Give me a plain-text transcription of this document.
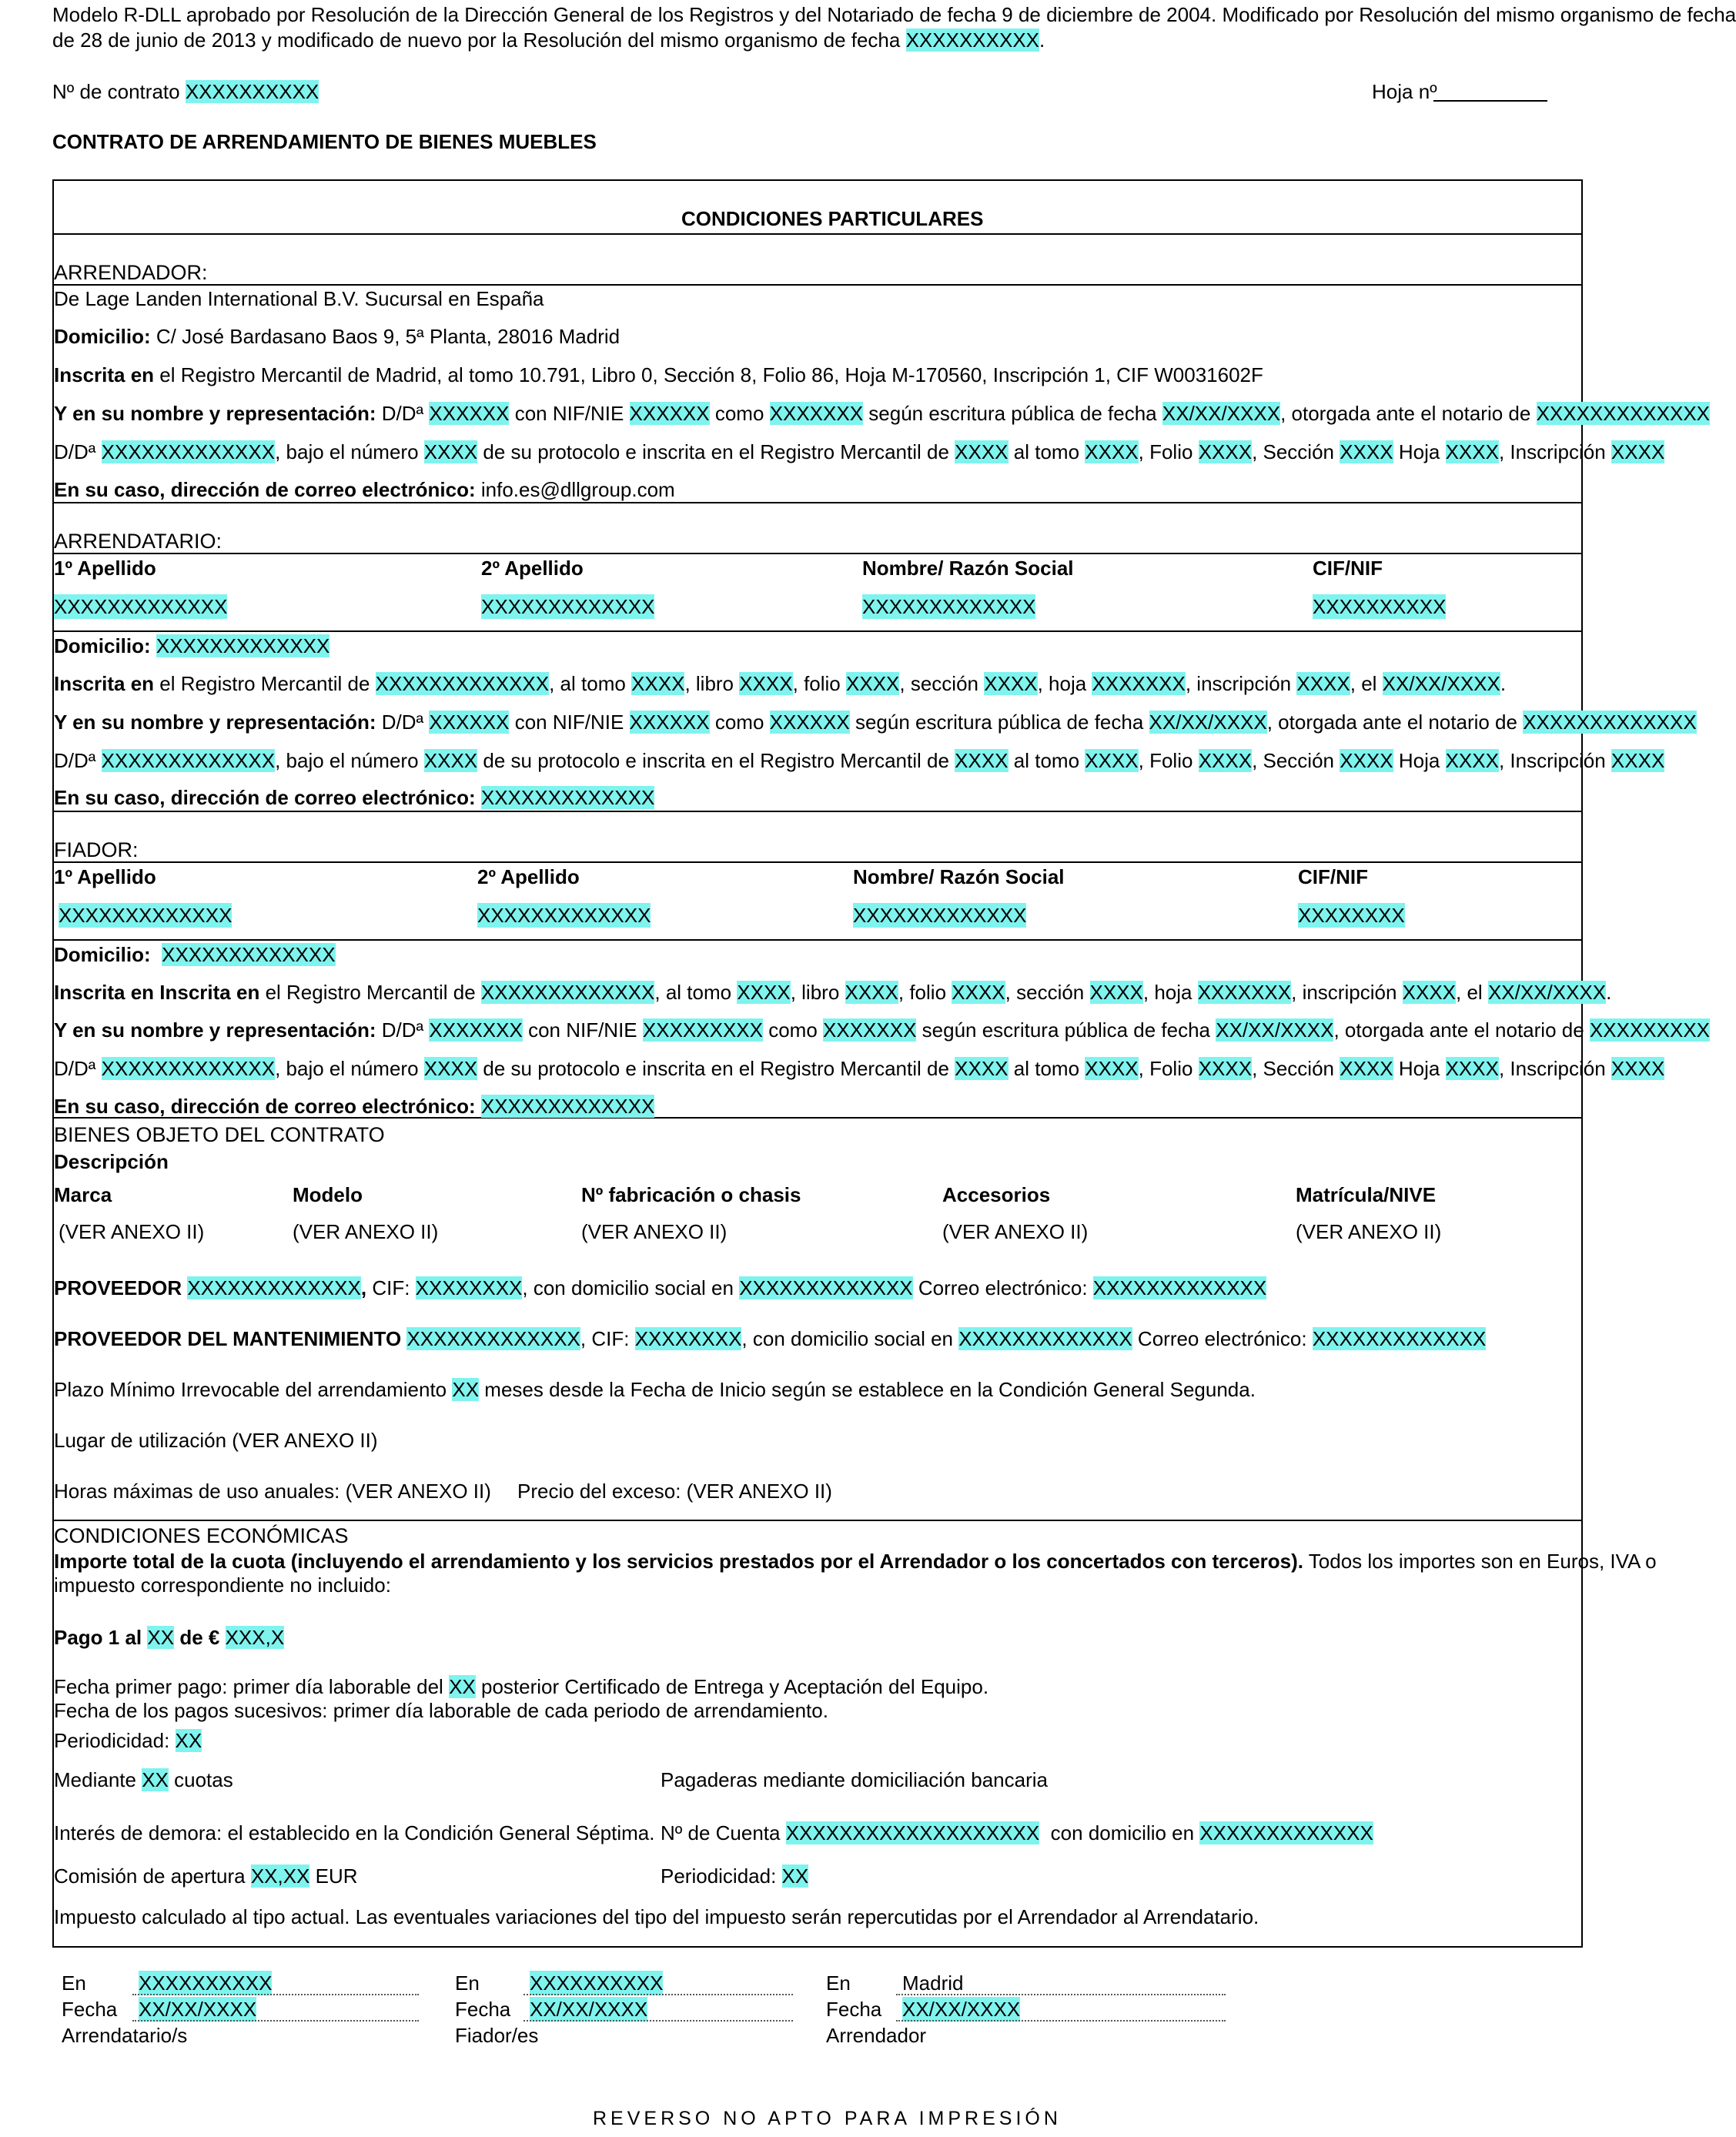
Modelo R-DLL aprobado por Resolución de la Dirección General de los Registros y del Notariado de fecha 9 de diciembre de 2004. Modificado por Resolución del mismo organismo de fecha
de 28 de junio de 2013 y modificado de nuevo por la Resolución del mismo organismo de fecha XXXXXXXXXX.
Nº de contrato XXXXXXXXXX	Hoja nº
CONTRATO DE ARRENDAMIENTO DE BIENES MUEBLES
CONDICIONES PARTICULARES
ARRENDADOR:
De Lage Landen International B.V. Sucursal en España
Domicilio: C/ José Bardasano Baos 9, 5ª Planta, 28016 Madrid
Inscrita en el Registro Mercantil de Madrid, al tomo 10.791, Libro 0, Sección 8, Folio 86, Hoja M-170560, Inscripción 1, CIF W0031602F
Y en su nombre y representación: D/Dª XXXXXX con NIF/NIE XXXXXX como XXXXXXX según escritura pública de fecha XX/XX/XXXX, otorgada ante el notario de XXXXXXXXXXXXX
D/Dª XXXXXXXXXXXXX, bajo el número XXXX de su protocolo e inscrita en el Registro Mercantil de XXXX al tomo XXXX, Folio XXXX, Sección XXXX Hoja XXXX, Inscripción XXXX
En su caso, dirección de correo electrónico: info.es@dllgroup.com
ARRENDATARIO:
1º Apellido	2º Apellido	Nombre/ Razón Social	CIF/NIF
XXXXXXXXXXXXX	XXXXXXXXXXXXX	XXXXXXXXXXXXX	XXXXXXXXXX
Domicilio: XXXXXXXXXXXXX
Inscrita en el Registro Mercantil de XXXXXXXXXXXXX, al tomo XXXX, libro XXXX, folio XXXX, sección XXXX, hoja XXXXXXX, inscripción XXXX, el XX/XX/XXXX.
Y en su nombre y representación: D/Dª XXXXXX con NIF/NIE XXXXXX como XXXXXX según escritura pública de fecha XX/XX/XXXX, otorgada ante el notario de XXXXXXXXXXXXX
D/Dª XXXXXXXXXXXXX, bajo el número XXXX de su protocolo e inscrita en el Registro Mercantil de XXXX al tomo XXXX, Folio XXXX, Sección XXXX Hoja XXXX, Inscripción XXXX
En su caso, dirección de correo electrónico: XXXXXXXXXXXXX
FIADOR:
1º Apellido	2º Apellido	Nombre/ Razón Social	CIF/NIF
XXXXXXXXXXXXX	XXXXXXXXXXXXX	XXXXXXXXXXXXX	XXXXXXXX
Domicilio: XXXXXXXXXXXXX
Inscrita en Inscrita en el Registro Mercantil de XXXXXXXXXXXXX, al tomo XXXX, libro XXXX, folio XXXX, sección XXXX, hoja XXXXXXX, inscripción XXXX, el XX/XX/XXXX.
Y en su nombre y representación: D/Dª XXXXXXX con NIF/NIE XXXXXXXXX como XXXXXXX según escritura pública de fecha XX/XX/XXXX, otorgada ante el notario de XXXXXXXXX
D/Dª XXXXXXXXXXXXX, bajo el número XXXX de su protocolo e inscrita en el Registro Mercantil de XXXX al tomo XXXX, Folio XXXX, Sección XXXX Hoja XXXX, Inscripción XXXX
En su caso, dirección de correo electrónico: XXXXXXXXXXXXX
BIENES OBJETO DEL CONTRATO
Descripción
Marca	Modelo	Nº fabricación o chasis	Accesorios	Matrícula/NIVE
(VER ANEXO II)	(VER ANEXO II)	(VER ANEXO II)	(VER ANEXO II)	(VER ANEXO II)
PROVEEDOR XXXXXXXXXXXXX, CIF: XXXXXXXX, con domicilio social en XXXXXXXXXXXXX Correo electrónico: XXXXXXXXXXXXX
PROVEEDOR DEL MANTENIMIENTO XXXXXXXXXXXXX, CIF: XXXXXXXX, con domicilio social en XXXXXXXXXXXXX Correo electrónico: XXXXXXXXXXXXX
Plazo Mínimo Irrevocable del arrendamiento XX meses desde la Fecha de Inicio según se establece en la Condición General Segunda.
Lugar de utilización (VER ANEXO II)
Horas máximas de uso anuales: (VER ANEXO II) Precio del exceso: (VER ANEXO II)
CONDICIONES ECONÓMICAS
Importe total de la cuota (incluyendo el arrendamiento y los servicios prestados por el Arrendador o los concertados con terceros). Todos los importes son en Euros, IVA o
impuesto correspondiente no incluido:
Pago 1 al XX de € XXX,X
Fecha primer pago: primer día laborable del XX posterior Certificado de Entrega y Aceptación del Equipo.
Fecha de los pagos sucesivos: primer día laborable de cada periodo de arrendamiento.
Periodicidad: XX
Mediante XX cuotas	Pagaderas mediante domiciliación bancaria
Interés de demora: el establecido en la Condición General Séptima. Nº de Cuenta XXXXXXXXXXXXXXXXXXX con domicilio en XXXXXXXXXXXXX
Comisión de apertura XX,XX EUR	Periodicidad: XX
Impuesto calculado al tipo actual. Las eventuales variaciones del tipo del impuesto serán repercutidas por el Arrendador al Arrendatario.
En	XXXXXXXXXX
Fecha XX/XX/XXXX
Arrendatario/s
En	XXXXXXXXXX
Fecha XX/XX/XXXX
Fiador/es
En	Madrid
Fecha XX/XX/XXXX
Arrendador
REVERSO NO APTO PARA IMPRESIÓN
